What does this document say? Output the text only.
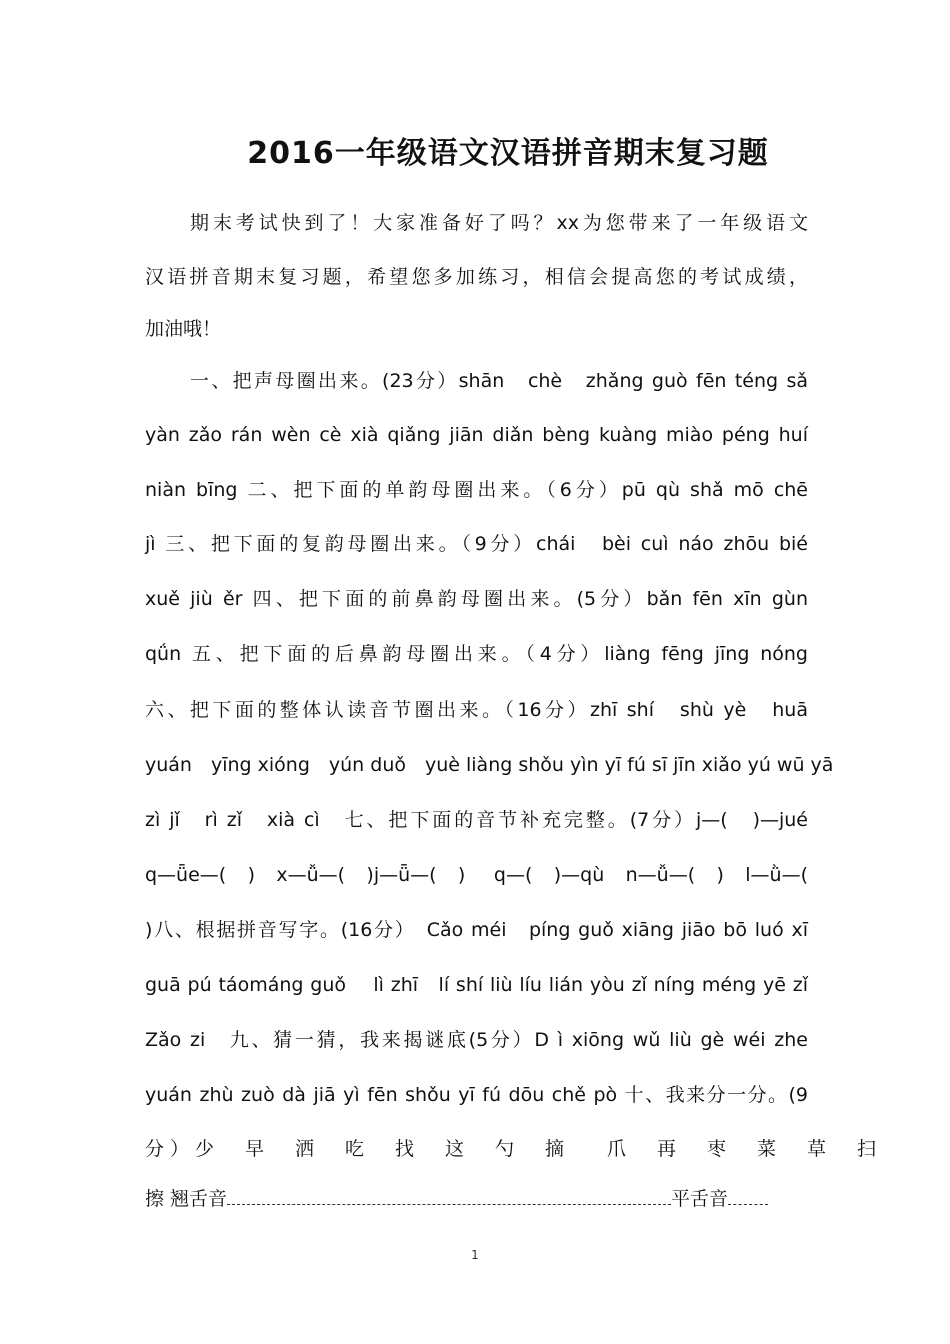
2016一年级语文汉语拼音期末复习题
期末考试快到了！大家准备好了吗？xx为您带来了一年级语文
汉语拼音期末复习题，希望您多加练习，相信会提高您的考试成绩，
加油哦！
一、把声母圈出来。(23分）shān　chè　zhǎng guò fēn téng sǎ
yàn zǎo rán wèn cè xià qiǎng jiān diǎn bèng kuàng miào péng huí
niàn bīng 二、把下面的单韵母圈出来。（6分）pū qù shǎ mō chē
jì 三、把下面的复韵母圈出来。（9分）chái　bèi cuì náo zhōu bié
xuě jiù ěr 四、把下面的前鼻韵母圈出来。(5分）bǎn fēn xīn gùn
qǘn 五、把下面的后鼻韵母圈出来。（4分）liàng fēng jīng nóng
六、把下面的整体认读音节圈出来。（16分）zhī shí　shù yè　huā
yuán　yīng xióng　yún duǒ　yuè liàng shǒu yìn yī fú sī jīn xiǎo yú wū yā
zì jǐ　rì zǐ　xià cì　七、把下面的音节补充完整。(7分）j—(　)—jué
q—ǖe—(　)　x—ǚ—(　)j—ǖ—(　)　 q—(　)—qù　n—ǚ—(　)　l—ǜ—(
)八、根据拼音写字。(16分）　Cǎo méi　píng guǒ xiāng jiāo bō luó xī
guā pú táománg guǒ　 lì zhī　lí shí liù líu lián yòu zǐ níng méng yē zǐ
Zǎo zi　九、猜一猜，我来揭谜底(5分）D ì xiōng wǔ liù gè wéi zhe
yuán zhù zuò dà jiā yì fēn shǒu yī fú dōu chě pò 十、我来分一分。(9
分）少　早　洒　吃　找　这　勺　摘　 爪　再　枣　菜　草　扫
擦 翘舌音	平舌音
1
